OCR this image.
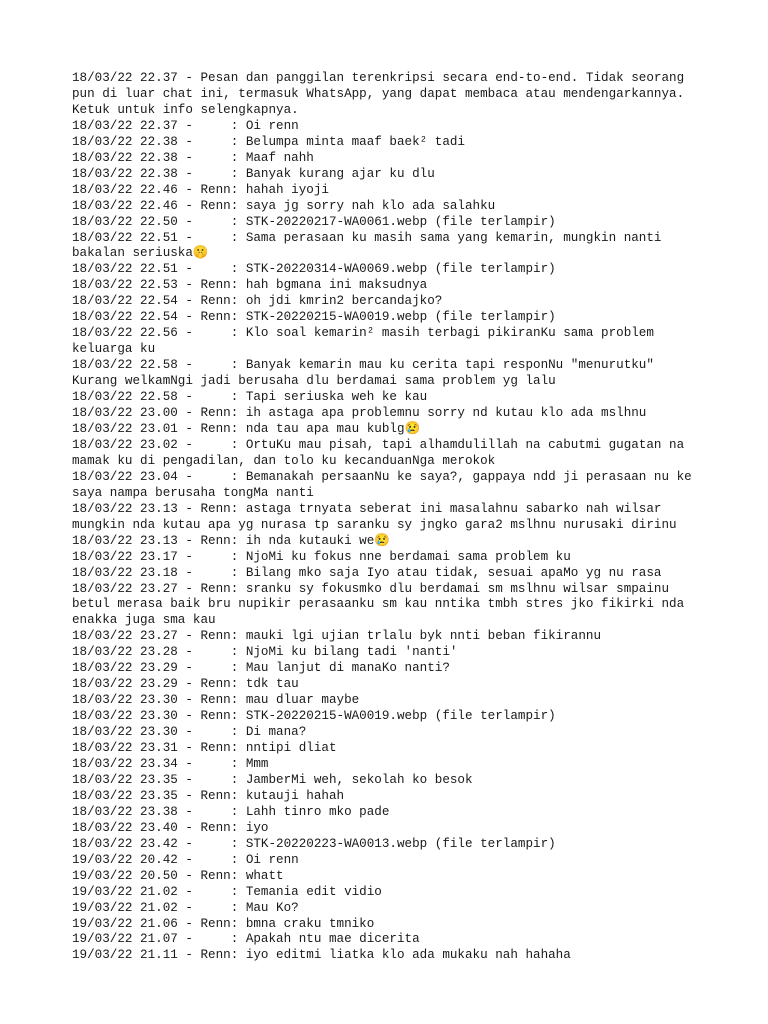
18/03/22 22.37 - Pesan dan panggilan terenkripsi secara end-to-end. Tidak seorang pun di luar chat ini, termasuk WhatsApp, yang dapat membaca atau mendengarkannya. Ketuk untuk info selengkapnya.

18/03/22 22.37 -     : Oi renn

18/03/22 22.38 -     : Belumpa minta maaf baek² tadi

18/03/22 22.38 -     : Maaf nahh

18/03/22 22.38 -     : Banyak kurang ajar ku dlu

18/03/22 22.46 - Renn: hahah iyoji

18/03/22 22.46 - Renn: saya jg sorry nah klo ada salahku

18/03/22 22.50 -     : STK-20220217-WA0061.webp (file terlampir)

18/03/22 22.51 -     : Sama perasaan ku masih sama yang kemarin, mungkin nanti bakalan seriuska🤫

18/03/22 22.51 -     : STK-20220314-WA0069.webp (file terlampir)

18/03/22 22.53 - Renn: hah bgmana ini maksudnya

18/03/22 22.54 - Renn: oh jdi kmrin2 bercandajko?

18/03/22 22.54 - Renn: STK-20220215-WA0019.webp (file terlampir)

18/03/22 22.56 -     : Klo soal kemarin² masih terbagi pikiranKu sama problem keluarga ku

18/03/22 22.58 -     : Banyak kemarin mau ku cerita tapi responNu "menurutku" Kurang welkamNgi jadi berusaha dlu berdamai sama problem yg lalu

18/03/22 22.58 -     : Tapi seriuska weh ke kau

18/03/22 23.00 - Renn: ih astaga apa problemnu sorry nd kutau klo ada mslhnu

18/03/22 23.01 - Renn: nda tau apa mau kublg😢

18/03/22 23.02 -     : OrtuKu mau pisah, tapi alhamdulillah na cabutmi gugatan na mamak ku di pengadilan, dan tolo ku kecanduanNga merokok

18/03/22 23.04 -     : Bemanakah persaanNu ke saya?, gappaya ndd ji perasaan nu ke saya nampa berusaha tongMa nanti

18/03/22 23.13 - Renn: astaga trnyata seberat ini masalahnu sabarko nah wilsar mungkin nda kutau apa yg nurasa tp saranku sy jngko gara2 mslhnu nurusaki dirinu

18/03/22 23.13 - Renn: ih nda kutauki we😢

18/03/22 23.17 -     : NjoMi ku fokus nne berdamai sama problem ku

18/03/22 23.18 -     : Bilang mko saja Iyo atau tidak, sesuai apaMo yg nu rasa

18/03/22 23.27 - Renn: sranku sy fokusmko dlu berdamai sm mslhnu wilsar smpainu betul merasa baik bru nupikir perasaanku sm kau nntika tmbh stres jko fikirki nda enakka juga sma kau

18/03/22 23.27 - Renn: mauki lgi ujian trlalu byk nnti beban fikirannu

18/03/22 23.28 -     : NjoMi ku bilang tadi 'nanti'

18/03/22 23.29 -     : Mau lanjut di manaKo nanti?

18/03/22 23.29 - Renn: tdk tau

18/03/22 23.30 - Renn: mau dluar maybe

18/03/22 23.30 - Renn: STK-20220215-WA0019.webp (file terlampir)

18/03/22 23.30 -     : Di mana?

18/03/22 23.31 - Renn: nntipi dliat

18/03/22 23.34 -     : Mmm

18/03/22 23.35 -     : JamberMi weh, sekolah ko besok

18/03/22 23.35 - Renn: kutauji hahah

18/03/22 23.38 -     : Lahh tinro mko pade

18/03/22 23.40 - Renn: iyo

18/03/22 23.42 -     : STK-20220223-WA0013.webp (file terlampir)

19/03/22 20.42 -     : Oi renn

19/03/22 20.50 - Renn: whatt

19/03/22 21.02 -     : Temania edit vidio

19/03/22 21.02 -     : Mau Ko?

19/03/22 21.06 - Renn: bmna craku tmniko

19/03/22 21.07 -     : Apakah ntu mae dicerita

19/03/22 21.11 - Renn: iyo editmi liatka klo ada mukaku nah hahaha
